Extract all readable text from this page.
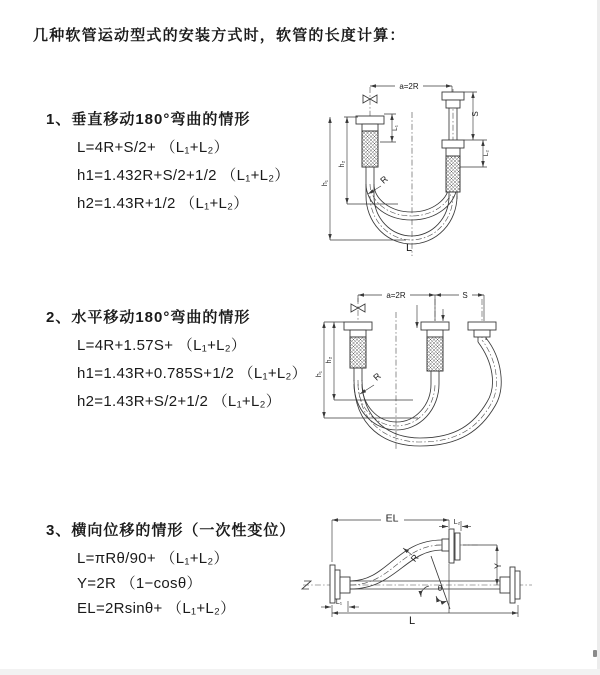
几种软管运动型式的安装方式时，软管的长度计算：
1、垂直移动180°弯曲的情形
L=4R+S/2+ （L₁+L₂）
h1=1.432R+S/2+1/2 （L₁+L₂）
h2=1.43R+1/2 （L₁+L₂）
2、水平移动180°弯曲的情形
L=4R+1.57S+ （L₁+L₂）
h1=1.43R+0.785S+1/2 （L₁+L₂）
h2=1.43R+S/2+1/2 （L₁+L₂）
3、横向位移的情形（一次性变位）
L=πRθ/90+ （L₁+L₂）
Y=2R （1−cosθ）
EL=2Rsinθ+ （L₁+L₂）
a=2R
h₁
h₂
L₁
S
L₂
R
L
a=2R	S
h₁
h₂
R
EL	L₂
Y
R
θ
L
L₁
